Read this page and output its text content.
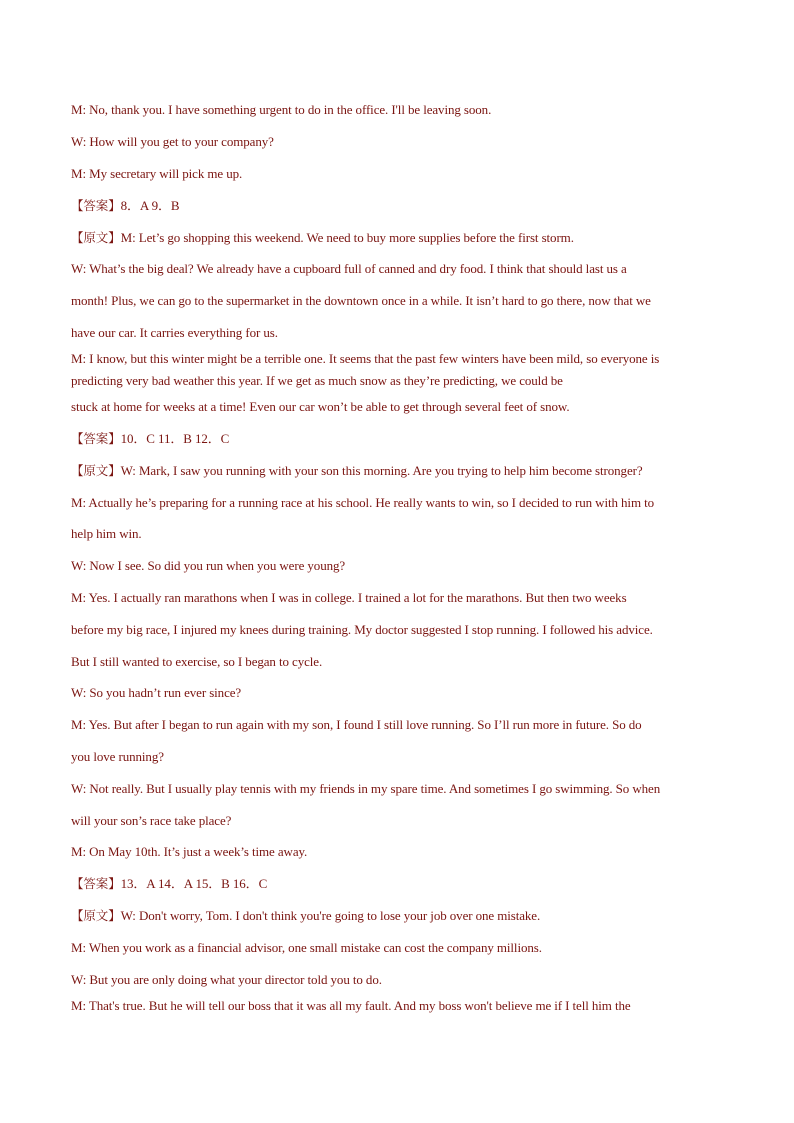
M: No, thank you. I have something urgent to do in the office. I'll be leaving soon.
W: How will you get to your company?
M: My secretary will pick me up.
【答案】8．A 9．B
【原文】M: Let’s go shopping this weekend. We need to buy more supplies before the first storm.
W: What’s the big deal? We already have a cupboard full of canned and dry food. I think that should last us a
month! Plus, we can go to the supermarket in the downtown once in a while. It isn’t hard to go there, now that we
have our car. It carries everything for us.
M: I know, but this winter might be a terrible one. It seems that the past few winters have been mild, so everyone is
predicting very bad weather this year. If we get as much snow as they’re predicting, we could be
stuck at home for weeks at a time! Even our car won’t be able to get through several feet of snow.
【答案】10．C 11．B 12．C
【原文】W: Mark, I saw you running with your son this morning. Are you trying to help him become stronger?
M: Actually he’s preparing for a running race at his school. He really wants to win, so I decided to run with him to
help him win.
W: Now I see. So did you run when you were young?
M: Yes. I actually ran marathons when I was in college. I trained a lot for the marathons. But then two weeks
before my big race, I injured my knees during training. My doctor suggested I stop running. I followed his advice.
But I still wanted to exercise, so I began to cycle.
W: So you hadn’t run ever since?
M: Yes. But after I began to run again with my son, I found I still love running. So I’ll run more in future. So do
you love running?
W: Not really. But I usually play tennis with my friends in my spare time. And sometimes I go swimming. So when
will your son’s race take place?
M: On May 10th. It’s just a week’s time away.
【答案】13．A 14．A 15．B 16．C
【原文】W: Don't worry, Tom. I don't think you're going to lose your job over one mistake.
M: When you work as a financial advisor, one small mistake can cost the company millions.
W: But you are only doing what your director told you to do.
M: That's true. But he will tell our boss that it was all my fault. And my boss won't believe me if I tell him the
